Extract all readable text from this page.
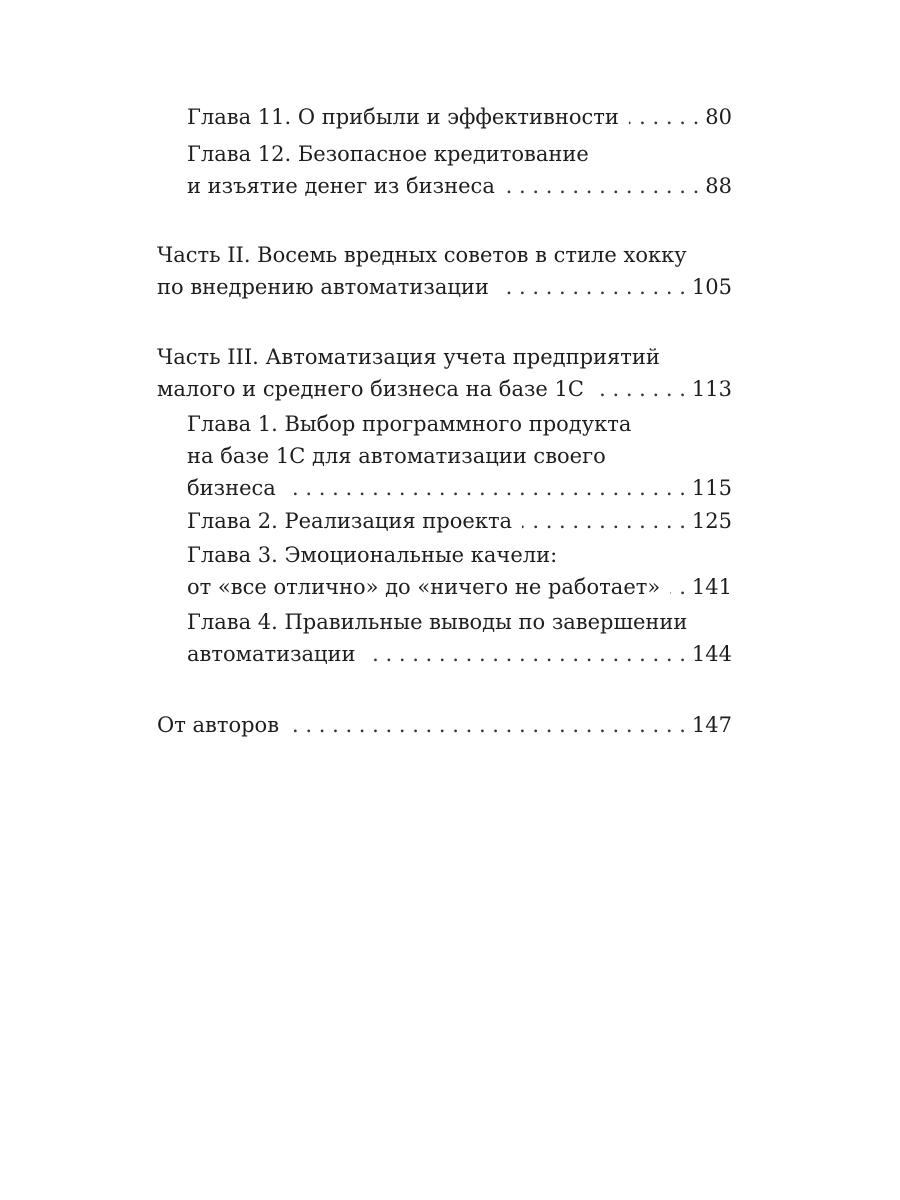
Глава 11. О прибыли и эффективности . . .	80
Глава 12. Безопасное кредитование
и изъятие денег из бизнеса . . .	88
Часть II. Восемь вредных советов в стиле хокку
по внедрению автоматизации . . .	105
Часть III. Автоматизация учета предприятий
малого и среднего бизнеса на базе 1С . . .	113
Глава 1. Выбор программного продукта
на базе 1С для автоматизации своего
бизнеса . . .	115
Глава 2. Реализация проекта . . .	125
Глава 3. Эмоциональные качели:
от «все отлично» до «ничего не работает» . . . 141
Глава 4. Правильные выводы по завершении
автоматизации . . .	144
От авторов . . .	147
